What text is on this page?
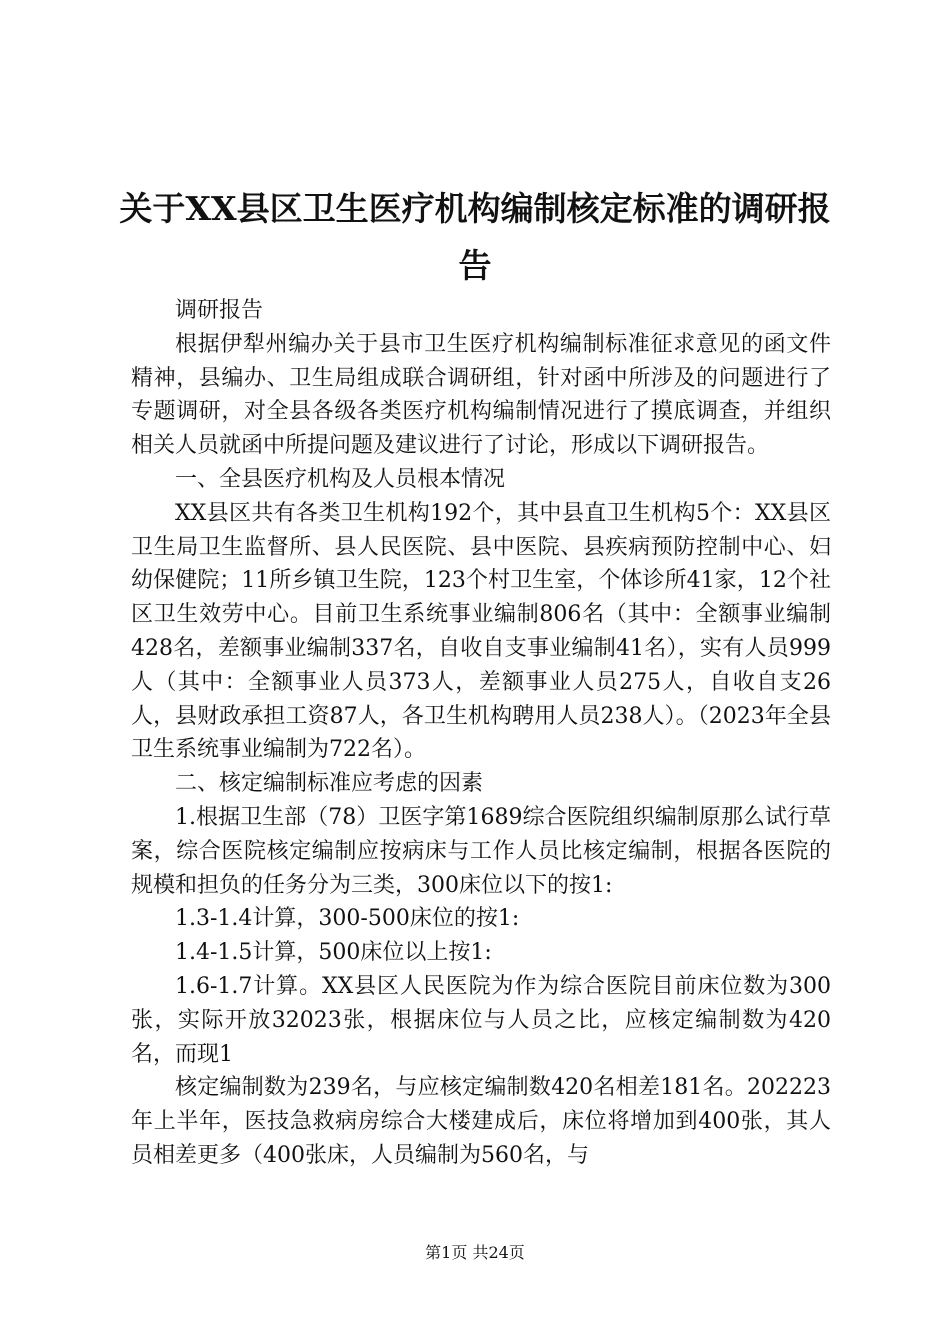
关于XX县区卫生医疗机构编制核定标准的调研报告

调研报告

根据伊犁州编办关于县市卫生医疗机构编制标准征求意见的函文件精神，县编办、卫生局组成联合调研组，针对函中所涉及的问题进行了专题调研，对全县各级各类医疗机构编制情况进行了摸底调查，并组织相关人员就函中所提问题及建议进行了讨论，形成以下调研报告。

一、全县医疗机构及人员根本情况

XX县区共有各类卫生机构192个，其中县直卫生机构5个：XX县区卫生局卫生监督所、县人民医院、县中医院、县疾病预防控制中心、妇幼保健院；11所乡镇卫生院，123个村卫生室，个体诊所41家，12个社区卫生效劳中心。目前卫生系统事业编制806名（其中：全额事业编制428名，差额事业编制337名，自收自支事业编制41名），实有人员999人（其中：全额事业人员373人，差额事业人员275人，自收自支26人，县财政承担工资87人，各卫生机构聘用人员238人）。（2023年全县卫生系统事业编制为722名）。

二、核定编制标准应考虑的因素

1.根据卫生部（78）卫医字第1689综合医院组织编制原那么试行草案，综合医院核定编制应按病床与工作人员比核定编制，根据各医院的规模和担负的任务分为三类，300床位以下的按1:

1.3-1.4计算，300-500床位的按1:

1.4-1.5计算，500床位以上按1:

1.6-1.7计算。XX县区人民医院为作为综合医院目前床位数为300张，实际开放32023张，根据床位与人员之比，应核定编制数为420名，而现1

核定编制数为239名，与应核定编制数420名相差181名。202223年上半年，医技急救病房综合大楼建成后，床位将增加到400张，其人员相差更多（400张床，人员编制为560名，与

第1页 共24页
